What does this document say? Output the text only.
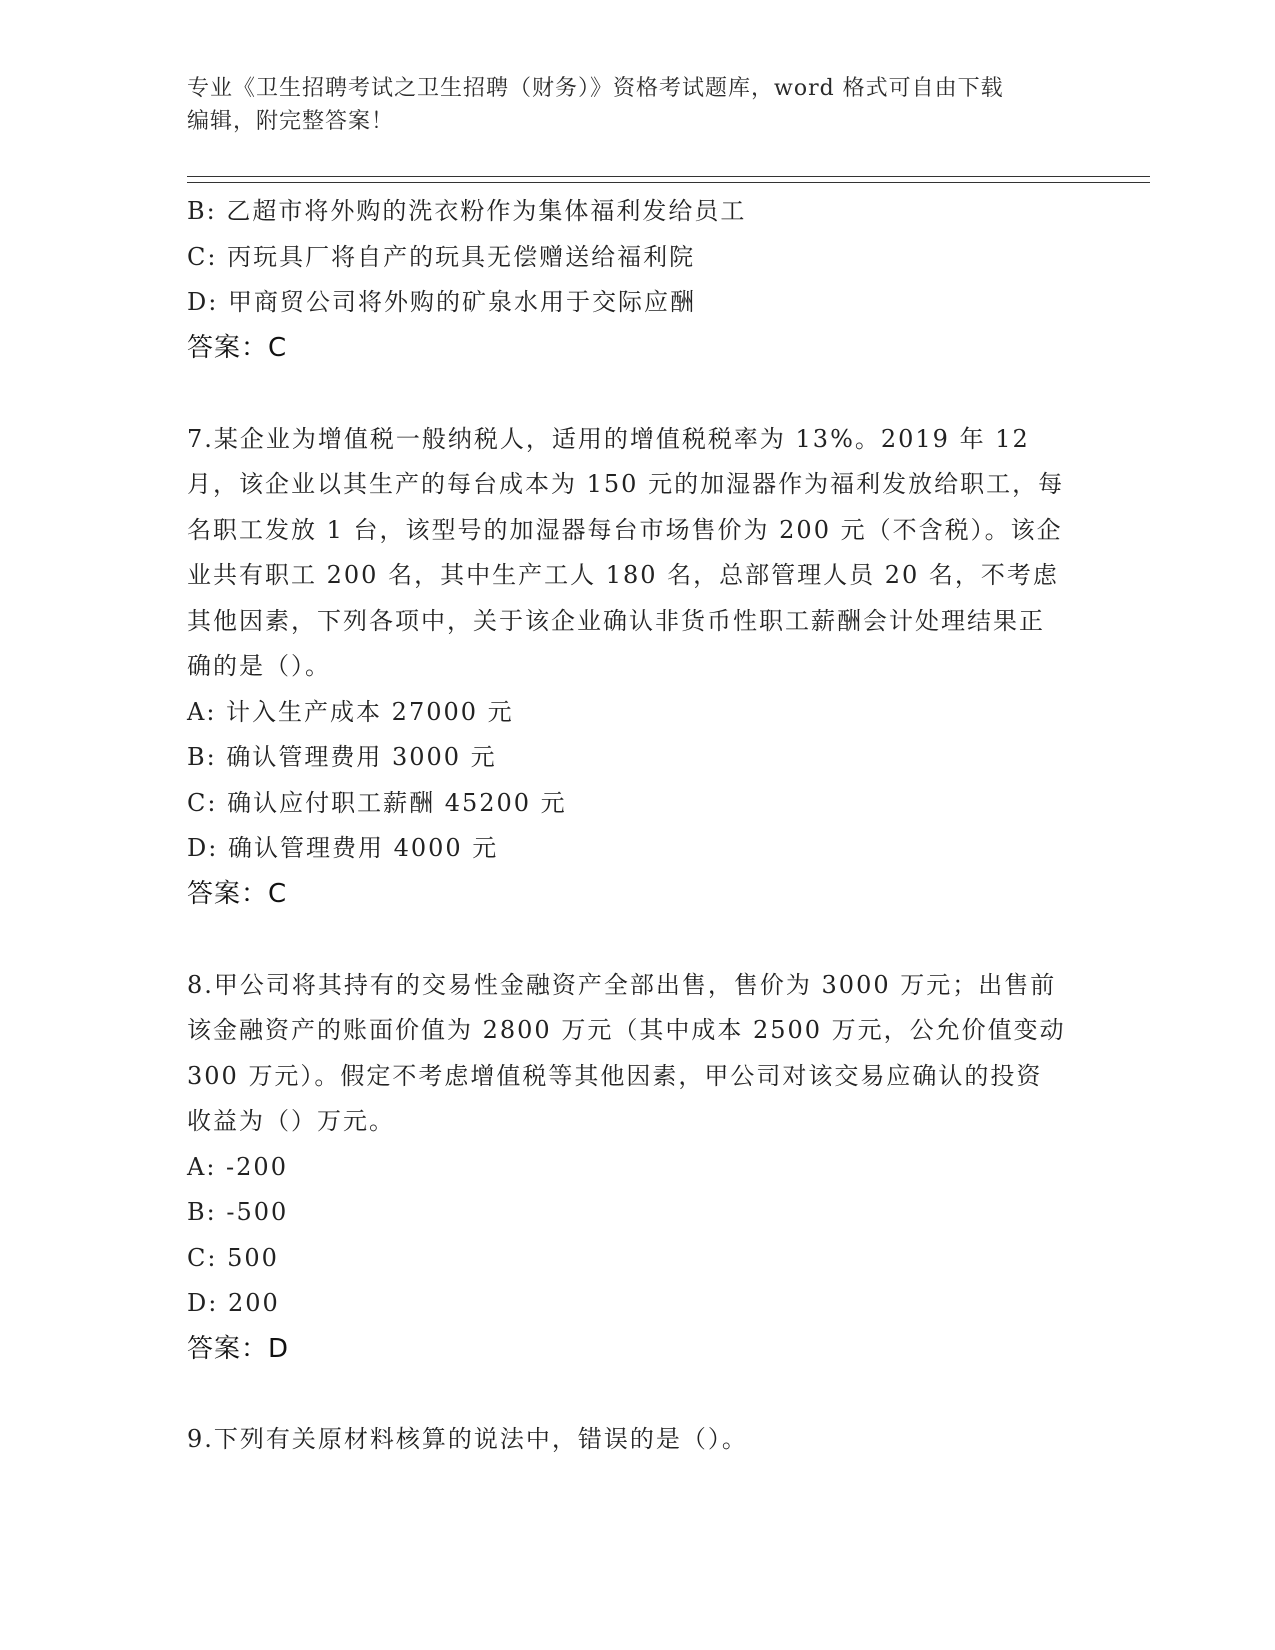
专业《卫生招聘考试之卫生招聘（财务）》资格考试题库，word 格式可自由下载
编辑，附完整答案！

B: 乙超市将外购的洗衣粉作为集体福利发给员工

C: 丙玩具厂将自产的玩具无偿赠送给福利院

D: 甲商贸公司将外购的矿泉水用于交际应酬

答案：C

7.某企业为增值税一般纳税人，适用的增值税税率为 13%。2019 年 12 月，该企业以其生产的每台成本为 150 元的加湿器作为福利发放给职工，每名职工发放 1 台，该型号的加湿器每台市场售价为 200 元（不含税）。该企业共有职工 200 名，其中生产工人 180 名，总部管理人员 20 名，不考虑其他因素，下列各项中，关于该企业确认非货币性职工薪酬会计处理结果正确的是（）。

A: 计入生产成本 27000 元

B: 确认管理费用 3000 元

C: 确认应付职工薪酬 45200 元

D: 确认管理费用 4000 元

答案：C

8.甲公司将其持有的交易性金融资产全部出售，售价为 3000 万元；出售前该金融资产的账面价值为 2800 万元（其中成本 2500 万元，公允价值变动 300 万元）。假定不考虑增值税等其他因素，甲公司对该交易应确认的投资收益为（）万元。

A: -200

B: -500

C: 500

D: 200

答案：D

9.下列有关原材料核算的说法中，错误的是（）。
